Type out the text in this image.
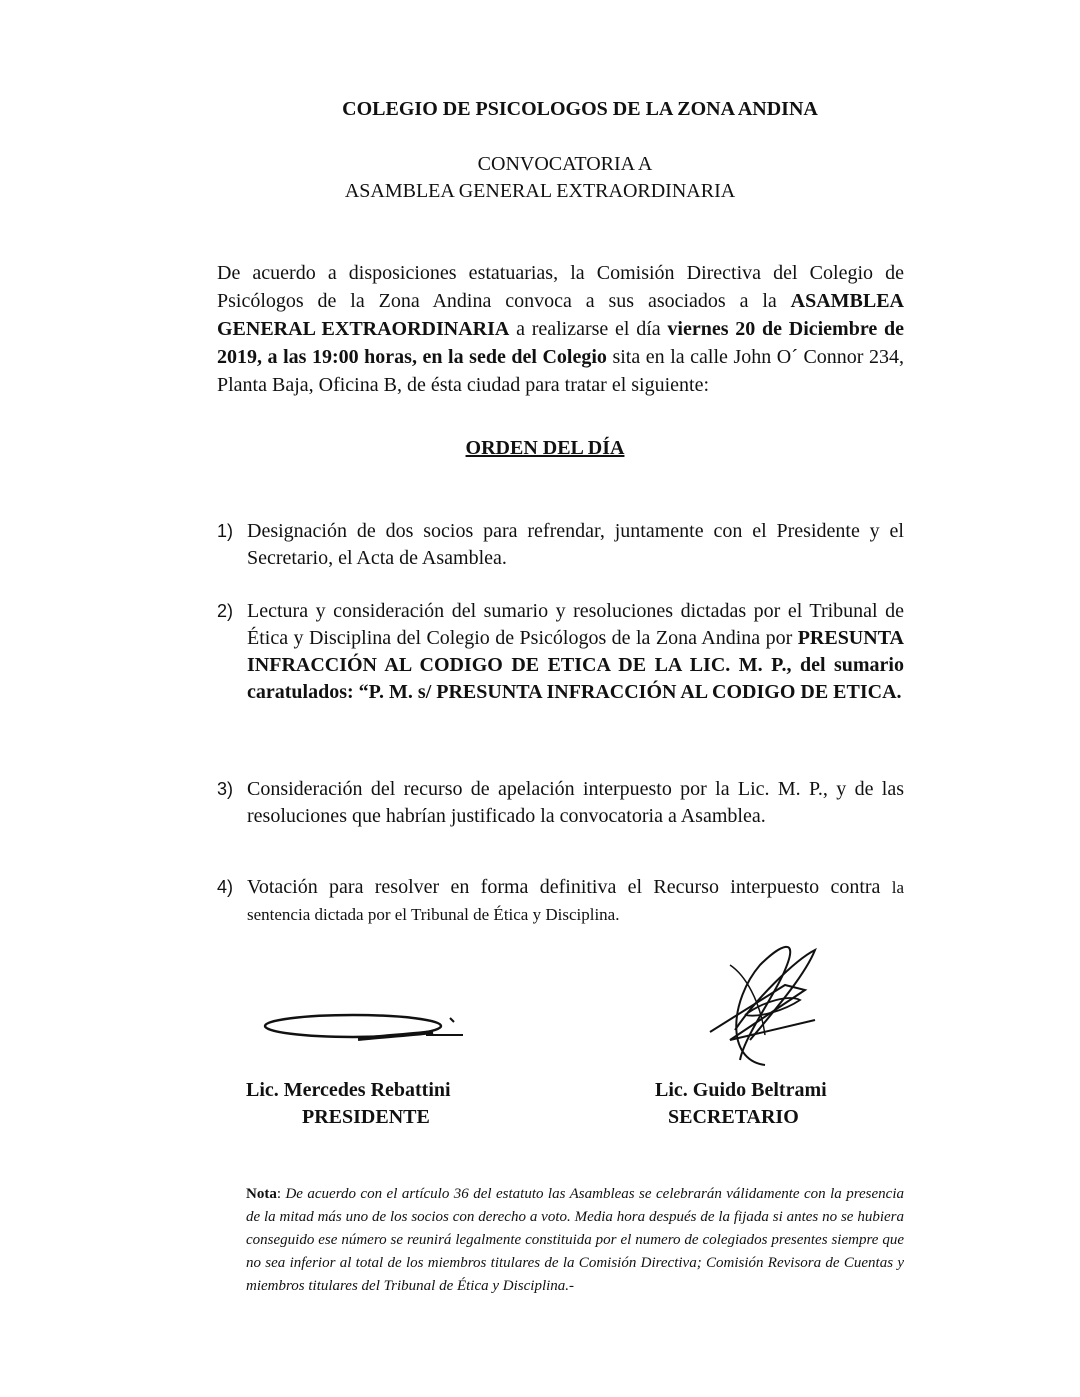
COLEGIO DE PSICOLOGOS DE LA ZONA ANDINA
CONVOCATORIA A
ASAMBLEA GENERAL EXTRAORDINARIA
De acuerdo a disposiciones estatuarias, la Comisión Directiva del Colegio de Psicólogos de la Zona Andina convoca a sus asociados a la ASAMBLEA GENERAL EXTRAORDINARIA a realizarse el día viernes 20 de Diciembre de 2019, a las 19:00 horas, en la sede del Colegio sita en la calle John O´ Connor 234, Planta Baja, Oficina B, de ésta ciudad para tratar el siguiente:
ORDEN DEL DÍA
1) Designación de dos socios para refrendar, juntamente con el Presidente y el Secretario, el Acta de Asamblea.
2) Lectura y consideración del sumario y resoluciones dictadas por el Tribunal de Ética y Disciplina del Colegio de Psicólogos de la Zona Andina por PRESUNTA INFRACCIÓN AL CODIGO DE ETICA DE LA LIC. M. P., del sumario caratulados: “P. M. s/ PRESUNTA INFRACCIÓN AL CODIGO DE ETICA.
3) Consideración del recurso de apelación interpuesto por la Lic. M. P., y de las resoluciones que habrían justificado la convocatoria a Asamblea.
4) Votación para resolver en forma definitiva el Recurso interpuesto contra la sentencia dictada por el Tribunal de Ética y Disciplina.
Lic. Mercedes Rebattini
PRESIDENTE
Lic. Guido Beltrami
SECRETARIO
Nota: De acuerdo con el artículo 36 del estatuto las Asambleas se celebrarán válidamente con la presencia de la mitad más uno de los socios con derecho a voto. Media hora después de la fijada si antes no se hubiera conseguido ese número se reunirá legalmente constituida por el numero de colegiados presentes siempre que no sea inferior al total de los miembros titulares de la Comisión Directiva; Comisión Revisora de Cuentas y miembros titulares del Tribunal de Ética y Disciplina.-
